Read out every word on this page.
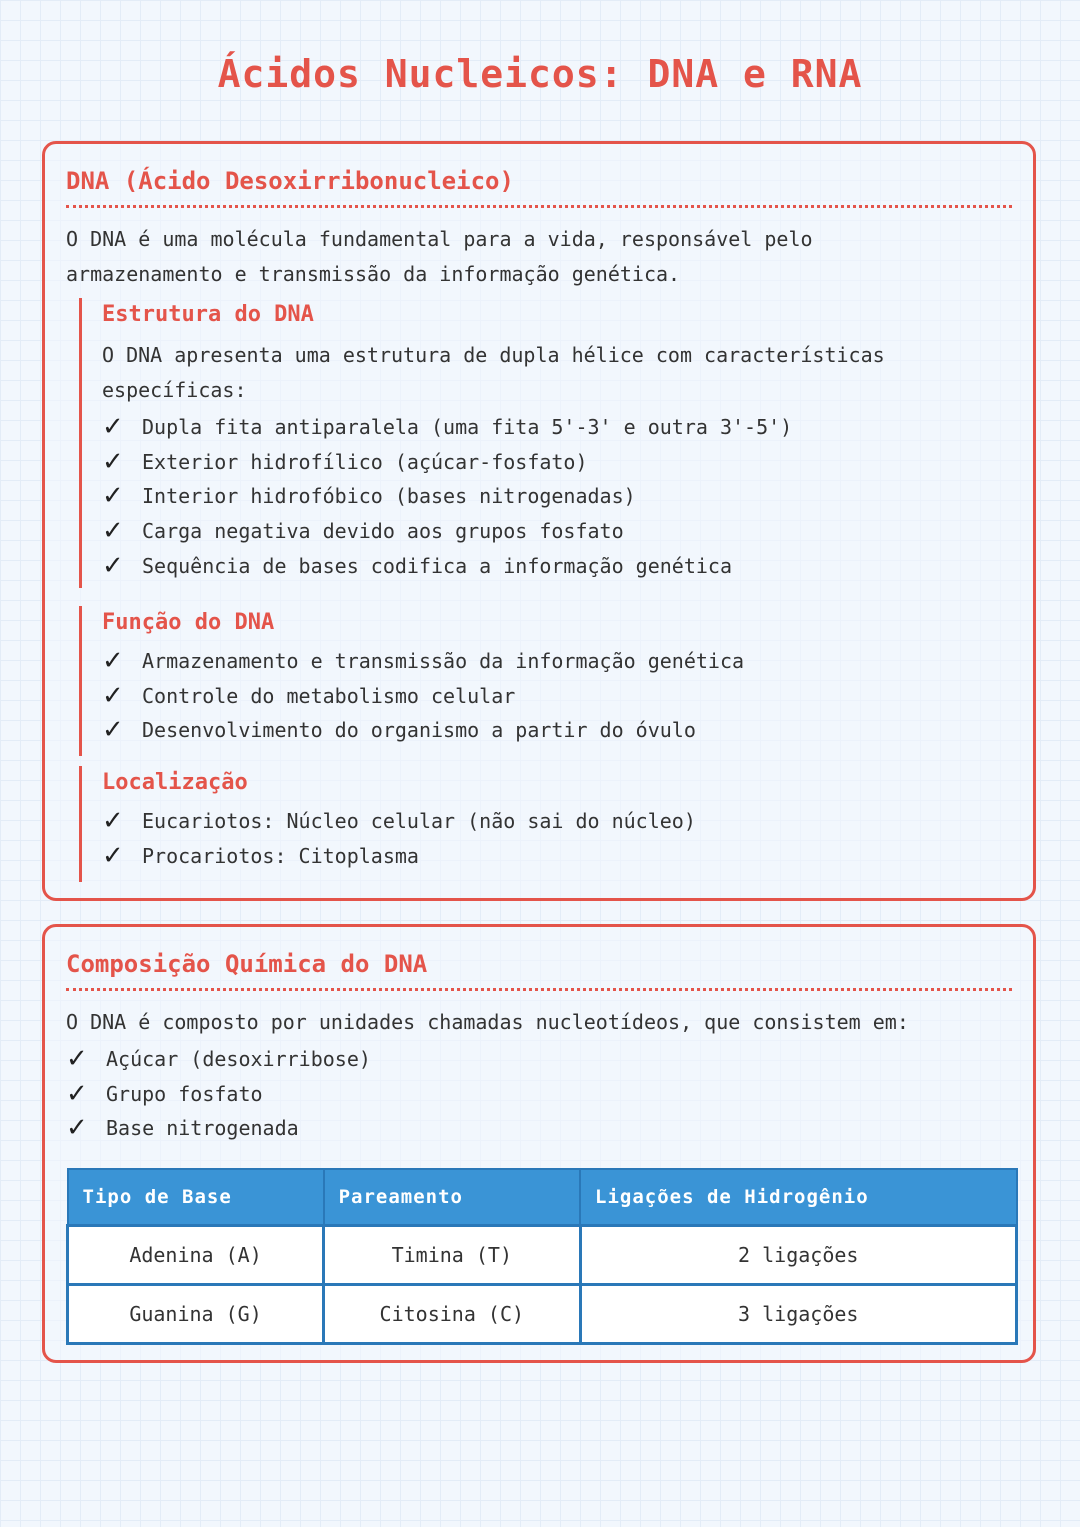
Ácidos Nucleicos: DNA e RNA
DNA (Ácido Desoxirribonucleico)

O DNA é uma molécula fundamental para a vida, responsável pelo
armazenamento e transmissão da informação genética.

Estrutura do DNA

O DNA apresenta uma estrutura de dupla hélice com características
específicas:

✓ Dupla fita antiparalela (uma fita 5'-3' e outra 3'-5')
✓ Exterior hidrofílico (açúcar-fosfato)
✓ Interior hidrofóbico (bases nitrogenadas)
✓ Carga negativa devido aos grupos fosfato
✓ Sequência de bases codifica a informação genética
Função do DNA
✓ Armazenamento e transmissão da informação genética
✓ Controle do metabolismo celular
✓ Desenvolvimento do organismo a partir do óvulo
Localização
✓ Eucariotos: Núcleo celular (não sai do núcleo)
✓ Procariotos: Citoplasma
Composição Química do DNA

O DNA é composto por unidades chamadas nucleotídeos, que consistem em:

✓ Açúcar (desoxirribose)
✓ Grupo fosfato
✓ Base nitrogenada
Tipo de Base	Pareamento	Ligações de Hidrogênio
Adenina (A)	Timina (T)	2 ligações
Guanina (G)	Citosina (C)	3 ligações
